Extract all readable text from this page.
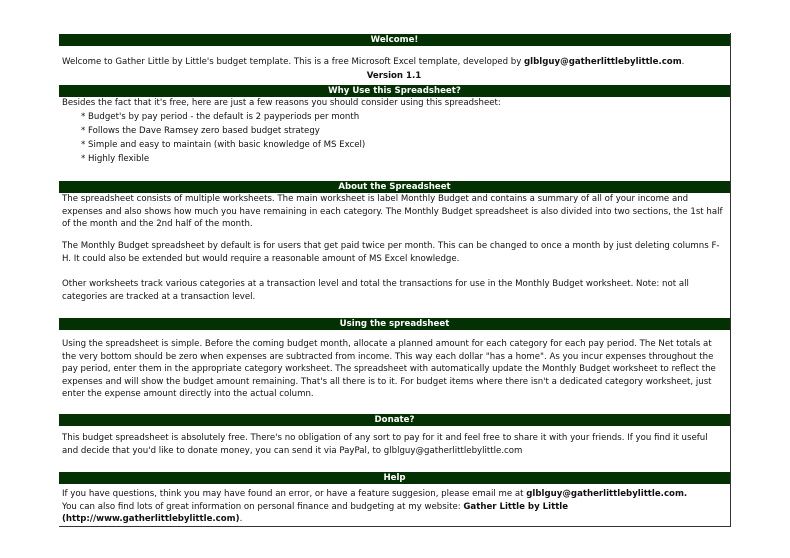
Welcome!
Welcome to Gather Little by Little's budget template. This is a free Microsoft Excel template, developed by glblguy@gatherlittlebylittle.com.
Version 1.1
Why Use this Spreadsheet?
Besides the fact that it's free, here are just a few reasons you should consider using this spreadsheet:
* Budget's by pay period - the default is 2 payperiods per month
* Follows the Dave Ramsey zero based budget strategy
* Simple and easy to maintain (with basic knowledge of MS Excel)
* Highly flexible
About the Spreadsheet
The spreadsheet consists of multiple worksheets. The main worksheet is label Monthly Budget and contains a summary of all of your income and expenses and also shows how much you have remaining in each category. The Monthly Budget spreadsheet is also divided into two sections, the 1st half of the month and the 2nd half of the month.
The Monthly Budget spreadsheet by default is for users that get paid twice per month. This can be changed to once a month by just deleting columns F-H. It could also be extended but would require a reasonable amount of MS Excel knowledge.
Other worksheets track various categories at a transaction level and total the transactions for use in the Monthly Budget worksheet. Note: not all categories are tracked at a transaction level.
Using the spreadsheet
Using the spreadsheet is simple. Before the coming budget month, allocate a planned amount for each category for each pay period. The Net totals at the very bottom should be zero when expenses are subtracted from income. This way each dollar "has a home". As you incur expenses throughout the pay period, enter them in the appropriate category worksheet. The spreadsheet with automatically update the Monthly Budget worksheet to reflect the expenses and will show the budget amount remaining. That's all there is to it. For budget items where there isn't a dedicated category worksheet, just enter the expense amount directly into the actual column.
Donate?
This budget spreadsheet is absolutely free. There's no obligation of any sort to pay for it and feel free to share it with your friends. If you find it useful and decide that you'd like to donate money, you can send it via PayPal, to glblguy@gatherlittlebylittle.com
Help
If you have questions, think you may have found an error, or have a feature suggesion, please email me at glblguy@gatherlittlebylittle.com.
You can also find lots of great information on personal finance and budgeting at my website: Gather Little by Little
(http://www.gatherlittlebylittle.com).
